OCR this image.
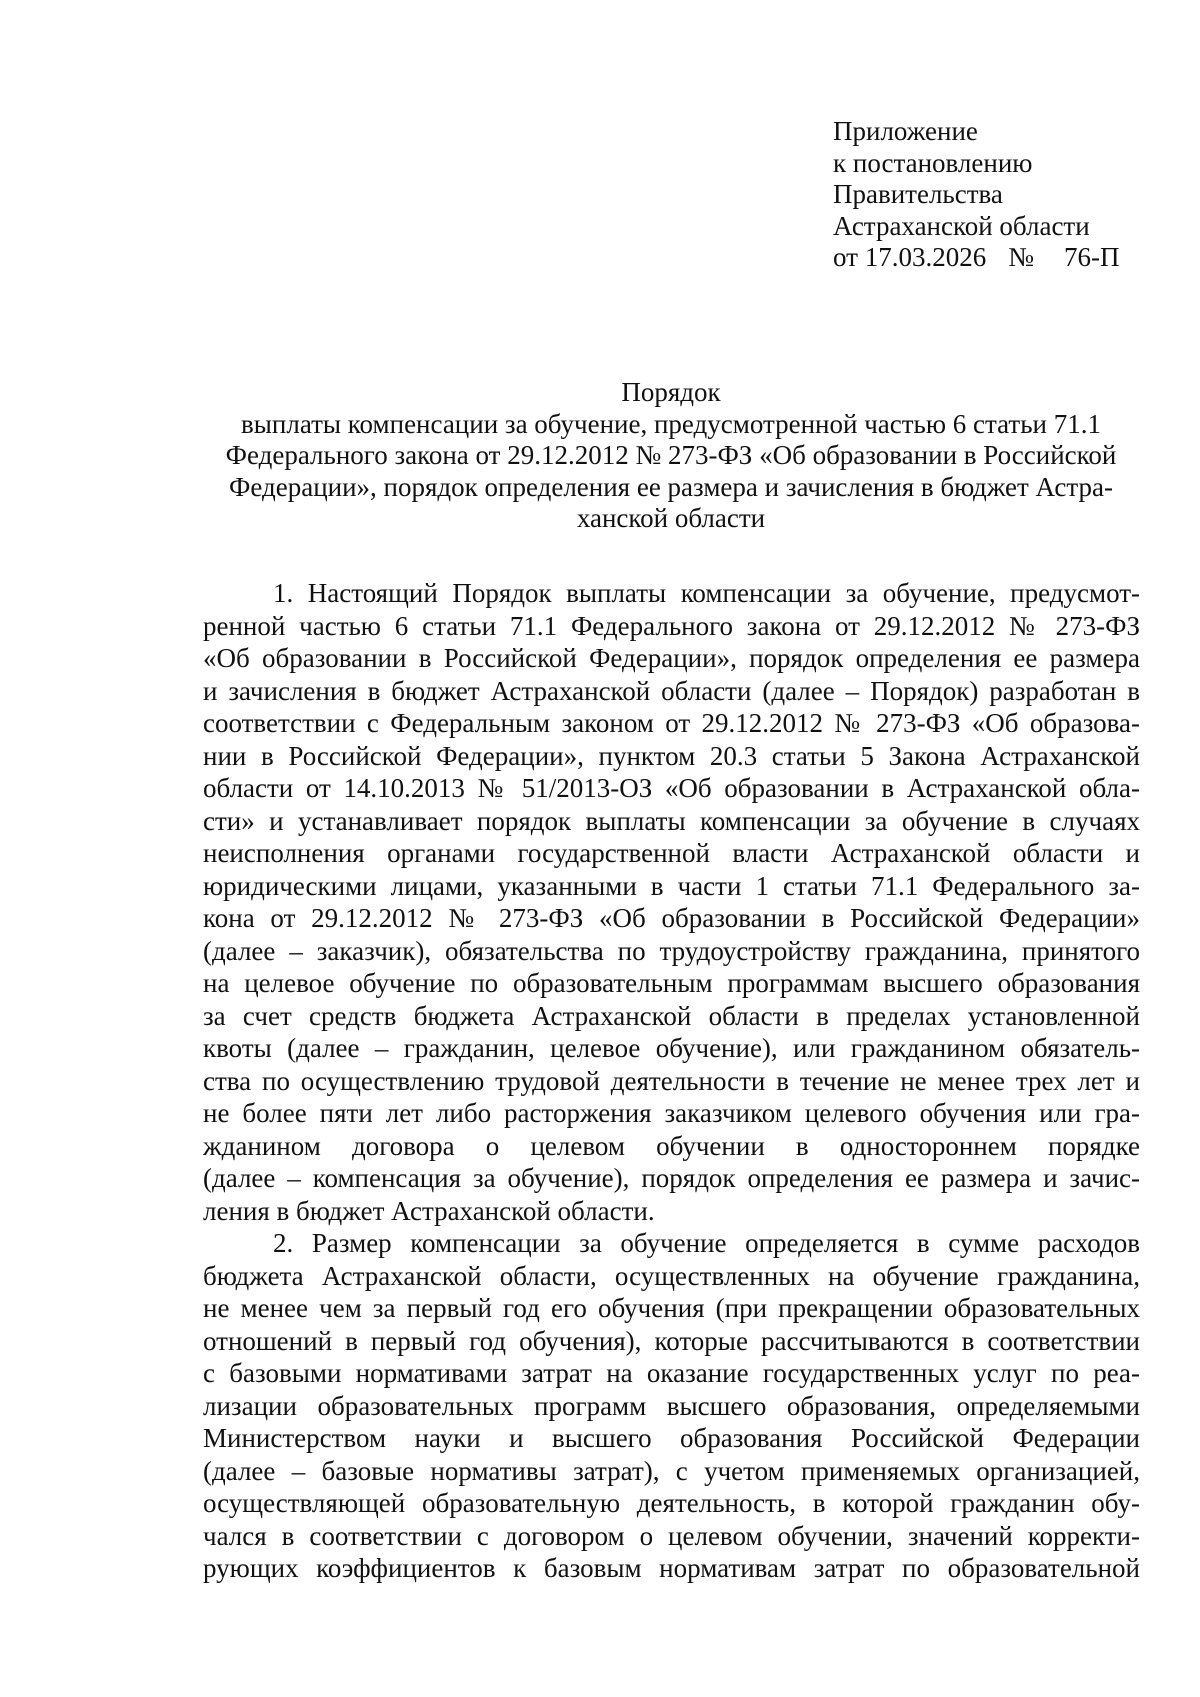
Приложение
к постановлению
Правительства
Астраханской области
от 17.03.2026 № 76-П
Порядок
выплаты компенсации за обучение, предусмотренной частью 6 статьи 71.1
Федерального закона от 29.12.2012 № 273-ФЗ «Об образовании в Российской
Федерации», порядок определения ее размера и зачисления в бюджет Астра-
ханской области
1. Настоящий Порядок выплаты компенсации за обучение, предусмот-
ренной частью 6 статьи 71.1 Федерального закона от 29.12.2012 № 273-ФЗ
«Об образовании в Российской Федерации», порядок определения ее размера
и зачисления в бюджет Астраханской области (далее – Порядок) разработан в
соответствии с Федеральным законом от 29.12.2012 № 273-ФЗ «Об образова-
нии в Российской Федерации», пунктом 20.3 статьи 5 Закона Астраханской
области от 14.10.2013 № 51/2013-ОЗ «Об образовании в Астраханской обла-
сти» и устанавливает порядок выплаты компенсации за обучение в случаях
неисполнения органами государственной власти Астраханской области и
юридическими лицами, указанными в части 1 статьи 71.1 Федерального за-
кона от 29.12.2012 № 273-ФЗ «Об образовании в Российской Федерации»
(далее – заказчик), обязательства по трудоустройству гражданина, принятого
на целевое обучение по образовательным программам высшего образования
за счет средств бюджета Астраханской области в пределах установленной
квоты (далее – гражданин, целевое обучение), или гражданином обязатель-
ства по осуществлению трудовой деятельности в течение не менее трех лет и
не более пяти лет либо расторжения заказчиком целевого обучения или гра-
жданином договора о целевом обучении в одностороннем порядке
(далее – компенсация за обучение), порядок определения ее размера и зачис-
ления в бюджет Астраханской области.
2. Размер компенсации за обучение определяется в сумме расходов
бюджета Астраханской области, осуществленных на обучение гражданина,
не менее чем за первый год его обучения (при прекращении образовательных
отношений в первый год обучения), которые рассчитываются в соответствии
с базовыми нормативами затрат на оказание государственных услуг по реа-
лизации образовательных программ высшего образования, определяемыми
Министерством науки и высшего образования Российской Федерации
(далее – базовые нормативы затрат), с учетом применяемых организацией,
осуществляющей образовательную деятельность, в которой гражданин обу-
чался в соответствии с договором о целевом обучении, значений корректи-
рующих коэффициентов к базовым нормативам затрат по образовательной
